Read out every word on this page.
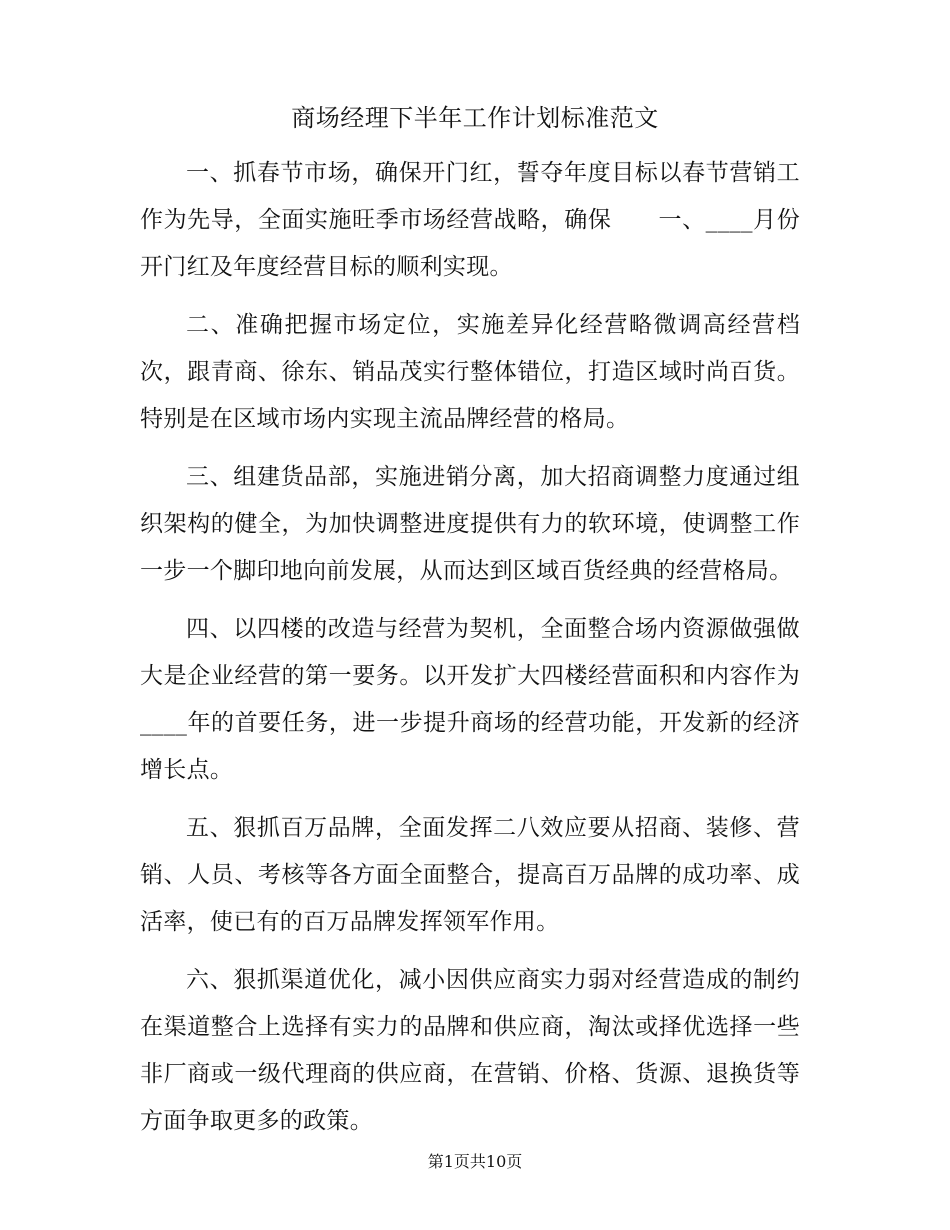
商场经理下半年工作计划标准范文

一、抓春节市场，确保开门红，誓夺年度目标以春节营销工作为先导，全面实施旺季市场经营战略，确保　　一、____月份开门红及年度经营目标的顺利实现。

二、准确把握市场定位，实施差异化经营略微调高经营档次，跟青商、徐东、销品茂实行整体错位，打造区域时尚百货。特别是在区域市场内实现主流品牌经营的格局。

三、组建货品部，实施进销分离，加大招商调整力度通过组织架构的健全，为加快调整进度提供有力的软环境，使调整工作一步一个脚印地向前发展，从而达到区域百货经典的经营格局。

四、以四楼的改造与经营为契机，全面整合场内资源做强做大是企业经营的第一要务。以开发扩大四楼经营面积和内容作为____年的首要任务，进一步提升商场的经营功能，开发新的经济增长点。

五、狠抓百万品牌，全面发挥二八效应要从招商、装修、营销、人员、考核等各方面全面整合，提高百万品牌的成功率、成活率，使已有的百万品牌发挥领军作用。

六、狠抓渠道优化，减小因供应商实力弱对经营造成的制约在渠道整合上选择有实力的品牌和供应商，淘汰或择优选择一些非厂商或一级代理商的供应商，在营销、价格、货源、退换货等方面争取更多的政策。

第1页共10页
